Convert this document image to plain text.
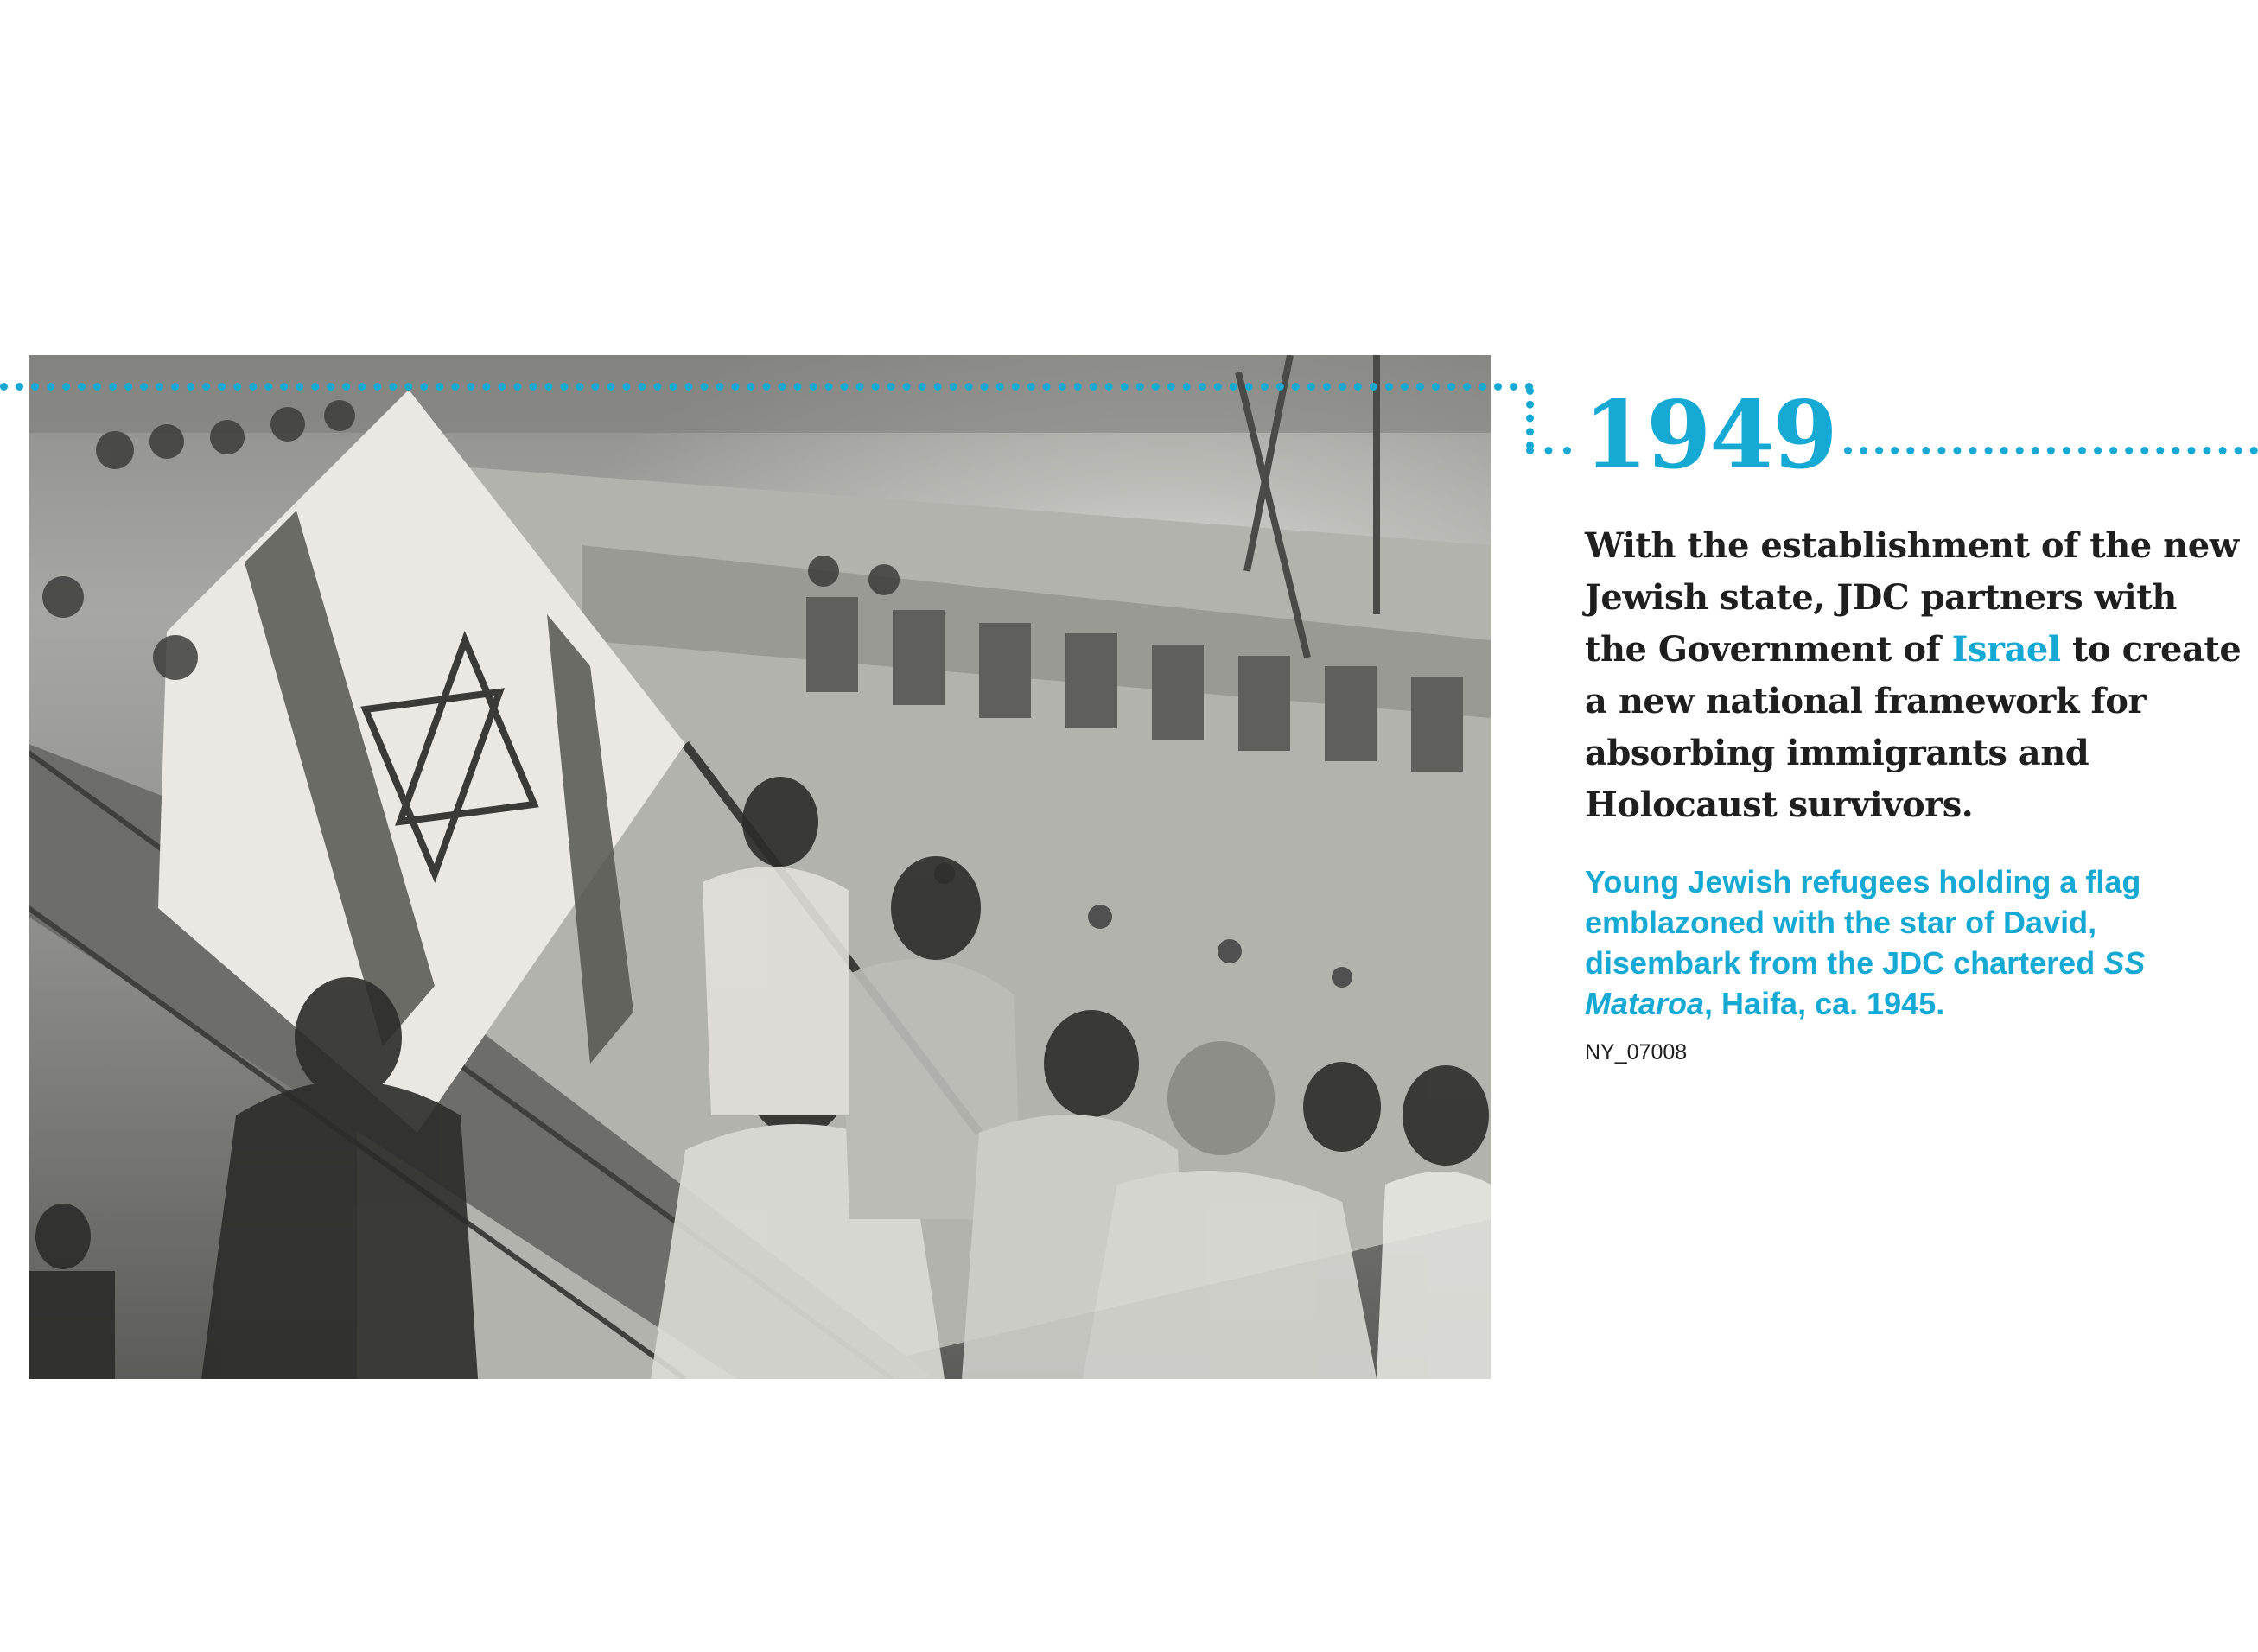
1949
With the establishment of the new Jewish state, JDC partners with the Government of Israel to create a new national framework for absorbing immigrants and Holocaust survivors.
Young Jewish refugees holding a flag emblazoned with the star of David, disembark from the JDC chartered SS Mataroa, Haifa, ca. 1945.
NY_07008
